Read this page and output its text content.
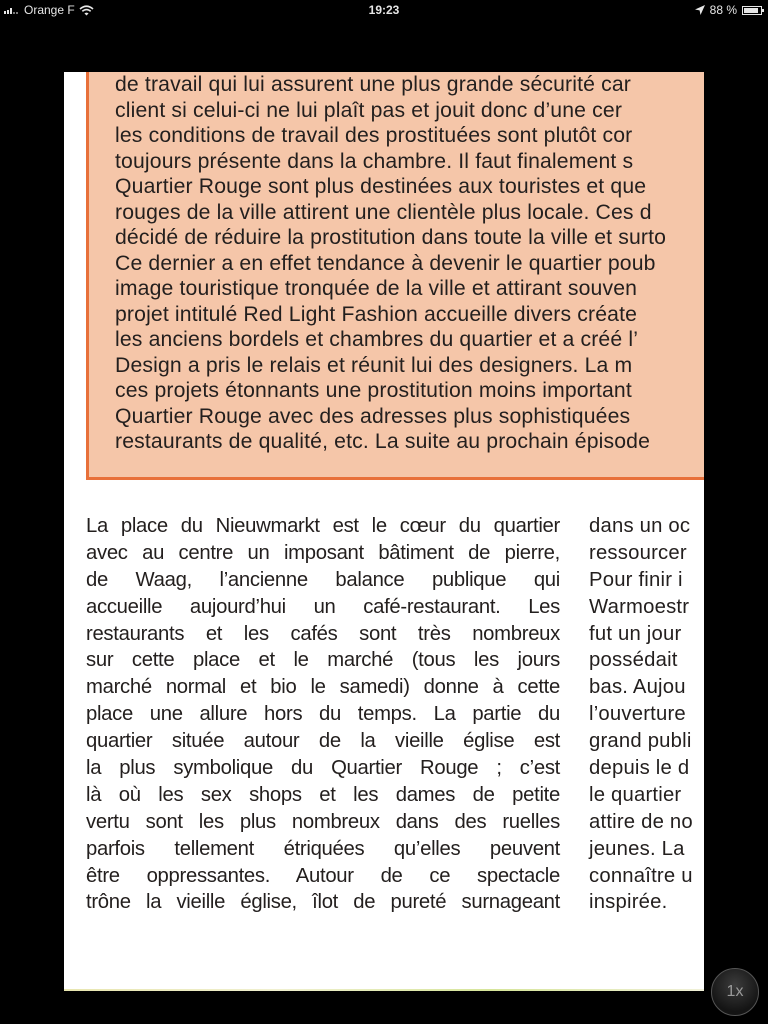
Orange F	19:23	88 %
de travail qui lui assurent une plus grande sécurité car
client si celui-ci ne lui plaît pas et jouit donc d’une cer
les conditions de travail des prostituées sont plutôt cor
toujours présente dans la chambre. Il faut finalement s
Quartier Rouge sont plus destinées aux touristes et que
rouges de la ville attirent une clientèle plus locale. Ces d
décidé de réduire la prostitution dans toute la ville et surto
Ce dernier a en effet tendance à devenir le quartier poub
image touristique tronquée de la ville et attirant souven
projet intitulé Red Light Fashion accueille divers créate
les anciens bordels et chambres du quartier et a créé l’
Design a pris le relais et réunit lui des designers. La m
ces projets étonnants une prostitution moins important
Quartier Rouge avec des adresses plus sophistiquées
restaurants de qualité, etc. La suite au prochain épisode
La place du Nieuwmarkt est le cœur du quartier
avec au centre un imposant bâtiment de pierre,
de Waag, l’ancienne balance publique qui
accueille aujourd’hui un café-restaurant. Les
restaurants et les cafés sont très nombreux
sur cette place et le marché (tous les jours
marché normal et bio le samedi) donne à cette
place une allure hors du temps. La partie du
quartier située autour de la vieille église est
la plus symbolique du Quartier Rouge ; c’est
là où les sex shops et les dames de petite
vertu sont les plus nombreux dans des ruelles
parfois tellement étriquées qu’elles peuvent
être oppressantes. Autour de ce spectacle
trône la vieille église, îlot de pureté surnageant
dans un oc
ressourcer
Pour finir i
Warmoestr
fut un jour
possédait
bas. Aujou
l’ouverture
grand publi
depuis le d
le quartier
attire de no
jeunes. La
connaître u
inspirée.
1x
